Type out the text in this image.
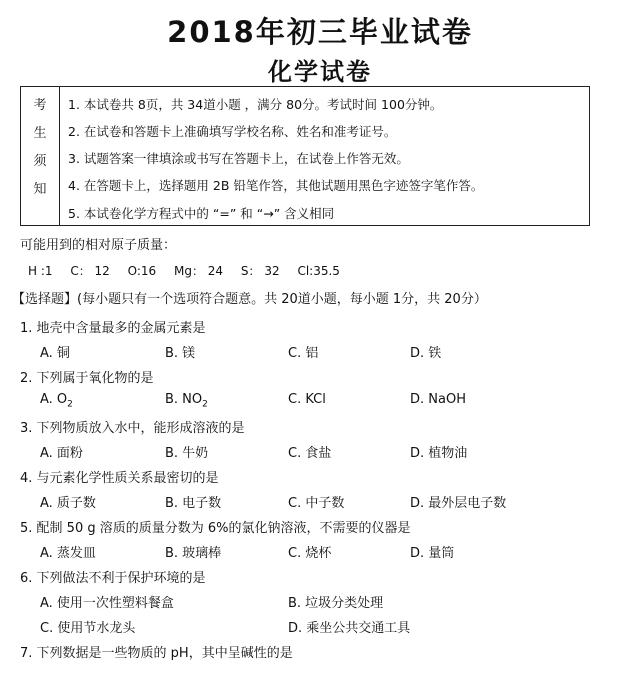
2018年初三毕业试卷
化学试卷
考
生
须
知
1. 本试卷共 8页，共 34道小题 ，满分 80分。考试时间 100分钟。
2. 在试卷和答题卡上准确填写学校名称、姓名和准考证号。
3. 试题答案一律填涂或书写在答题卡上，在试卷上作答无效。
4. 在答题卡上，选择题用 2B 铅笔作答，其他试题用黑色字迹签字笔作答。
5. 本试卷化学方程式中的 “=” 和 “→” 含义相同
可能用到的相对原子质量：
H :1 C： 12 O:16 Mg： 24 S： 32 Cl:35.5
【选择题】(每小题只有一个选项符合题意。共 20道小题，每小题 1分，共 20分）
1. 地壳中含量最多的金属元素是
A. 铜	B. 镁	C. 铝	D. 铁
2. 下列属于氧化物的是
A. $O_2$	B. $NO_2$	C. KCl	D. NaOH
3. 下列物质放入水中，能形成溶液的是
A. 面粉	B. 牛奶	C. 食盐	D. 植物油
4. 与元素化学性质关系最密切的是
A. 质子数	B. 电子数	C. 中子数	D. 最外层电子数
5. 配制 50 g 溶质的质量分数为 6%的氯化钠溶液，不需要的仪器是
A. 蒸发皿	B. 玻璃棒	C. 烧杯	D. 量筒
6. 下列做法不利于保护环境的是
A. 使用一次性塑料餐盒	B. 垃圾分类处理
C. 使用节水龙头	D. 乘坐公共交通工具
7. 下列数据是一些物质的 pH，其中呈碱性的是
